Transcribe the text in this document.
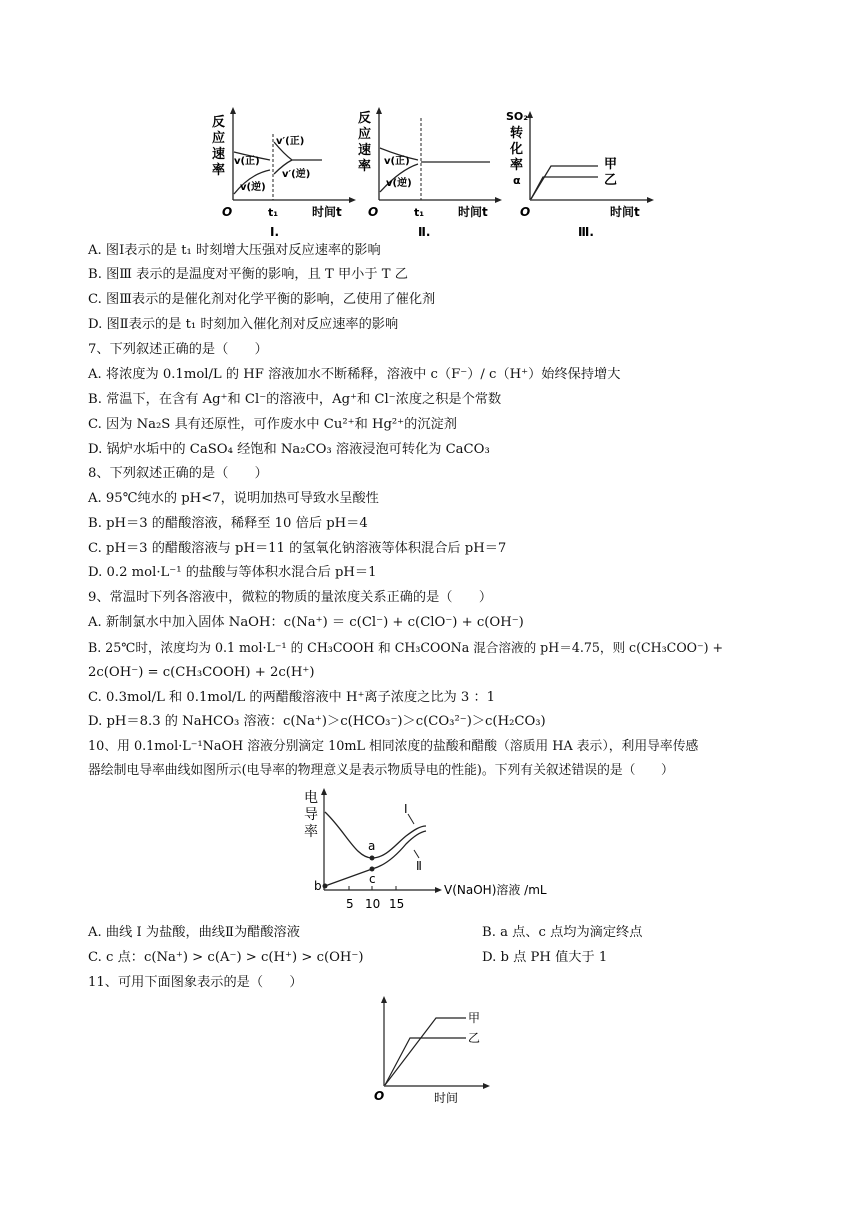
反
应
速
率
v(正)
v(逆)
v′(正)
v′(逆)
O	t₁	时间t
Ⅰ.
反
应
速
率 v(正)
v(逆)
O	t₁	时间t
Ⅱ.
SO₂
转
化
率
α
甲
乙
O	时间t
Ⅲ.
A. 图Ⅰ表示的是 t₁ 时刻增大压强对反应速率的影响
B. 图Ⅲ 表示的是温度对平衡的影响，且 T 甲小于 T 乙
C. 图Ⅲ表示的是催化剂对化学平衡的影响，乙使用了催化剂
D. 图Ⅱ表示的是 t₁ 时刻加入催化剂对反应速率的影响
7、下列叙述正确的是（　　）
A. 将浓度为 0.1mol/L 的 HF 溶液加水不断稀释，溶液中 c（F⁻）/ c（H⁺）始终保持增大
B. 常温下，在含有 Ag⁺和 Cl⁻的溶液中，Ag⁺和 Cl⁻浓度之积是个常数
C. 因为 Na₂S 具有还原性，可作废水中 Cu²⁺和 Hg²⁺的沉淀剂
D. 锅炉水垢中的 CaSO₄ 经饱和 Na₂CO₃ 溶液浸泡可转化为 CaCO₃
8、下列叙述正确的是（　　）
A. 95℃纯水的 pH<7，说明加热可导致水呈酸性
B. pH＝3 的醋酸溶液，稀释至 10 倍后 pH＝4
C. pH＝3 的醋酸溶液与 pH＝11 的氢氧化钠溶液等体积混合后 pH＝7
D. 0.2 mol·L⁻¹ 的盐酸与等体积水混合后 pH＝1
9、常温时下列各溶液中，微粒的物质的量浓度关系正确的是（　　）
A. 新制氯水中加入固体 NaOH：c(Na⁺) ＝ c(Cl⁻) + c(ClO⁻) + c(OH⁻)
B. 25℃时，浓度均为 0.1 mol·L⁻¹ 的 CH₃COOH 和 CH₃COONa 混合溶液的 pH＝4.75，则 c(CH₃COO⁻) +
2c(OH⁻) = c(CH₃COOH) + 2c(H⁺)
C. 0.3mol/L 和 0.1mol/L 的两醋酸溶液中 H⁺离子浓度之比为 3 ：1
D. pH＝8.3 的 NaHCO₃ 溶液：c(Na⁺)＞c(HCO₃⁻)＞c(CO₃²⁻)＞c(H₂CO₃)
10、用 0.1mol·L⁻¹NaOH 溶液分别滴定 10mL 相同浓度的盐酸和醋酸（溶质用 HA 表示），利用导率传感
器绘制电导率曲线如图所示(电导率的物理意义是表示物质导电的性能)。下列有关叙述错误的是（　　）
电
导
率
a
b	c
Ⅰ
Ⅱ
5 10 15
V(NaOH)溶液 /mL
A. 曲线 I 为盐酸，曲线Ⅱ为醋酸溶液	B. a 点、c 点均为滴定终点
C. c 点：c(Na⁺) > c(A⁻) > c(H⁺) > c(OH⁻)	D. b 点 PH 值大于 1
11、可用下面图象表示的是（　　）
甲
乙
O	时间
